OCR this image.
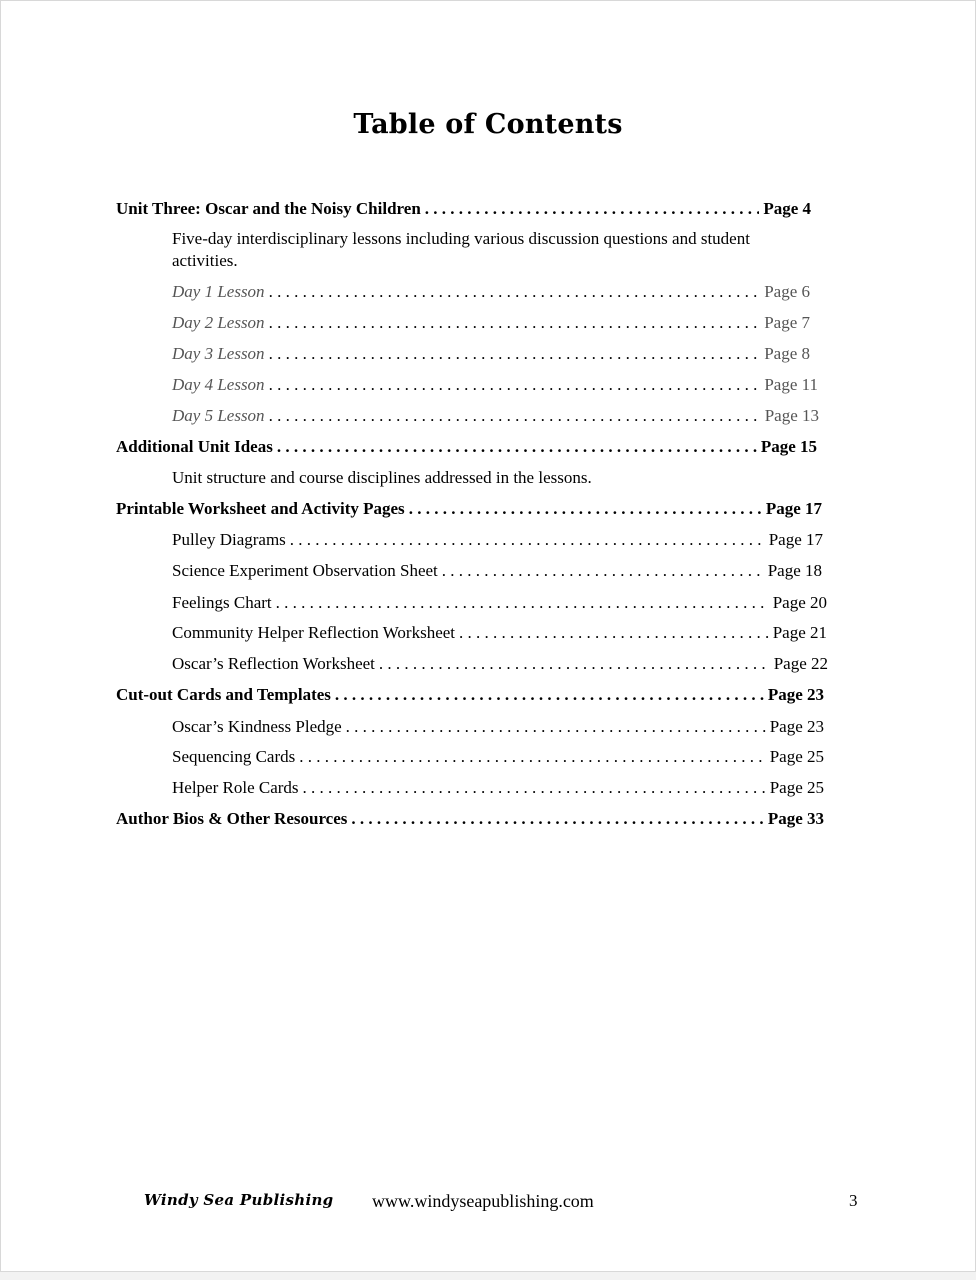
Table of Contents
Unit Three: Oscar and the Noisy Children . . .	Page 4
Five-day interdisciplinary lessons including various discussion questions and student activities.
Day 1 Lesson . . .	Page 6
Day 2 Lesson . . .	Page 7
Day 3 Lesson . . .	Page 8
Day 4 Lesson . . .	Page 11
Day 5 Lesson . . .	Page 13
Additional Unit Ideas . . .	Page 15
Unit structure and course disciplines addressed in the lessons.
Printable Worksheet and Activity Pages . . .	Page 17
Pulley Diagrams . . .	Page 17
Science Experiment Observation Sheet . . .	Page 18
Feelings Chart . . .	Page 20
Community Helper Reflection Worksheet . . .	Page 21
Oscar’s Reflection Worksheet . . .	Page 22
Cut-out Cards and Templates . . .	Page 23
Oscar’s Kindness Pledge . . .	Page 23
Sequencing Cards . . .	Page 25
Helper Role Cards . . .	Page 25
Author Bios & Other Resources . . .	Page 33
Windy Sea Publishing www.windyseapublishing.com	3
